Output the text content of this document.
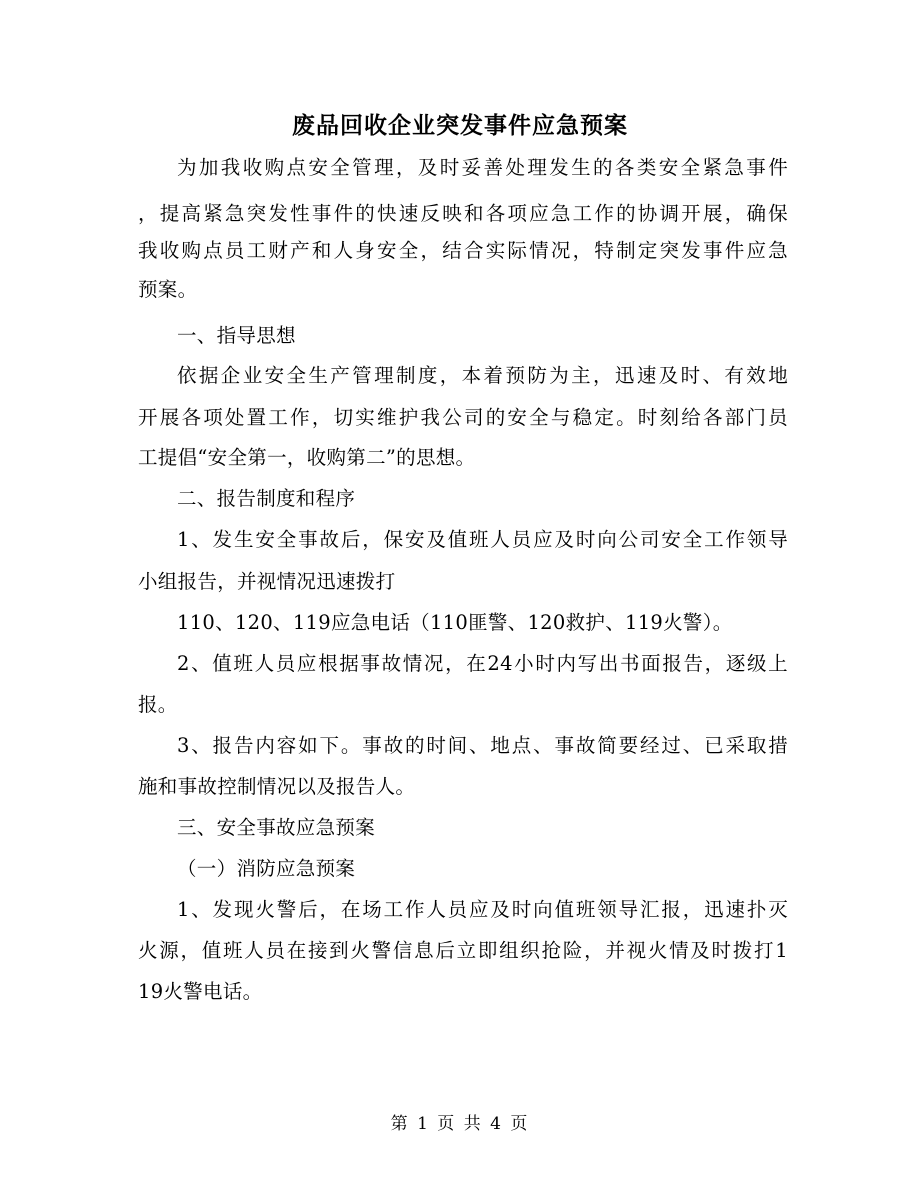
废品回收企业突发事件应急预案

为加我收购点安全管理，及时妥善处理发生的各类安全紧急事件

，提高紧急突发性事件的快速反映和各项应急工作的协调开展，确保

我收购点员工财产和人身安全，结合实际情况，特制定突发事件应急

预案。

一、指导思想

依据企业安全生产管理制度，本着预防为主，迅速及时、有效地

开展各项处置工作，切实维护我公司的安全与稳定。时刻给各部门员

工提倡“安全第一，收购第二”的思想。

二、报告制度和程序

1、发生安全事故后，保安及值班人员应及时向公司安全工作领导

小组报告，并视情况迅速拨打

110、120、119应急电话（110匪警、120救护、119火警）。

2、值班人员应根据事故情况，在24小时内写出书面报告，逐级上

报。

3、报告内容如下。事故的时间、地点、事故简要经过、已采取措

施和事故控制情况以及报告人。

三、安全事故应急预案

（一）消防应急预案

1、发现火警后，在场工作人员应及时向值班领导汇报，迅速扑灭

火源，值班人员在接到火警信息后立即组织抢险，并视火情及时拨打1

19火警电话。

第 1 页 共 4 页
